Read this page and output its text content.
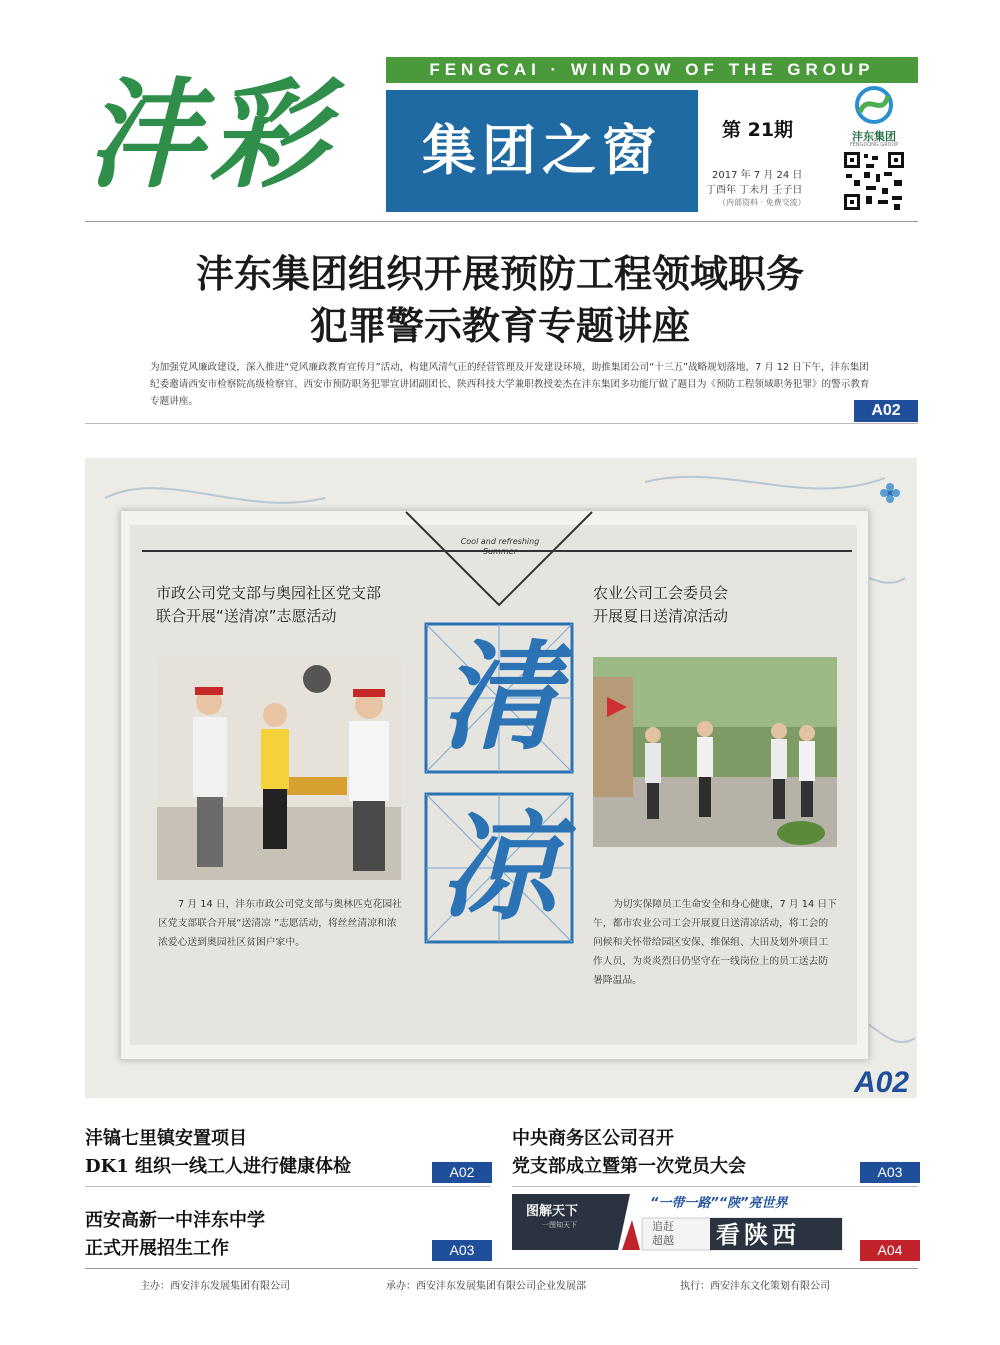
沣彩	FENGCAI · WINDOW OF THE GROUP
集团之窗	第 21期
2017 年 7 月 24 日
丁酉年 丁未月 壬子日
（内部资料 · 免费交流）
沣东集团
FENGDONG GROUP
沣东集团组织开展预防工程领域职务
犯罪警示教育专题讲座
为加强党风廉政建设，深入推进“党风廉政教育宣传月”活动，构建风清气正的经营管理及开发建设环境，助推集团公司“十三五”战略规划落地，7 月 12 日下午，沣东集团纪委邀请西安市检察院高级检察官、西安市预防职务犯罪宣讲团副团长、陕西科技大学兼职教授姜杰在沣东集团多功能厅做了题目为《预防工程领域职务犯罪》的警示教育专题讲座。
A02
Cool and refreshing
Summer
市政公司党支部与奥园社区党支部
联合开展“送清凉”志愿活动
农业公司工会委员会
开展夏日送清凉活动
清
凉
7 月 14 日，沣东市政公司党支部与奥林匹克花园社区党支部联合开展“送清凉 ”志愿活动，将丝丝清凉和浓浓爱心送到奥园社区贫困户家中。
为切实保障员工生命安全和身心健康，7 月 14 日下午，都市农业公司工会开展夏日送清凉活动，将工会的问候和关怀带给园区安保、维保组、大田及划外项目工作人员，为炎炎烈日仍坚守在一线岗位上的员工送去防暑降温品。
A02
沣镐七里镇安置项目
DK1 组织一线工人进行健康体检	A02
中央商务区公司召开
党支部成立暨第一次党员大会	A03
西安高新一中沣东中学
正式开展招生工作	A03
图解天下
一图知天下
“一带一路”“陕”亮世界
追赶
超越 看陕西
A04
主办：西安沣东发展集团有限公司	承办：西安沣东发展集团有限公司企业发展部	执行：西安沣东文化策划有限公司
